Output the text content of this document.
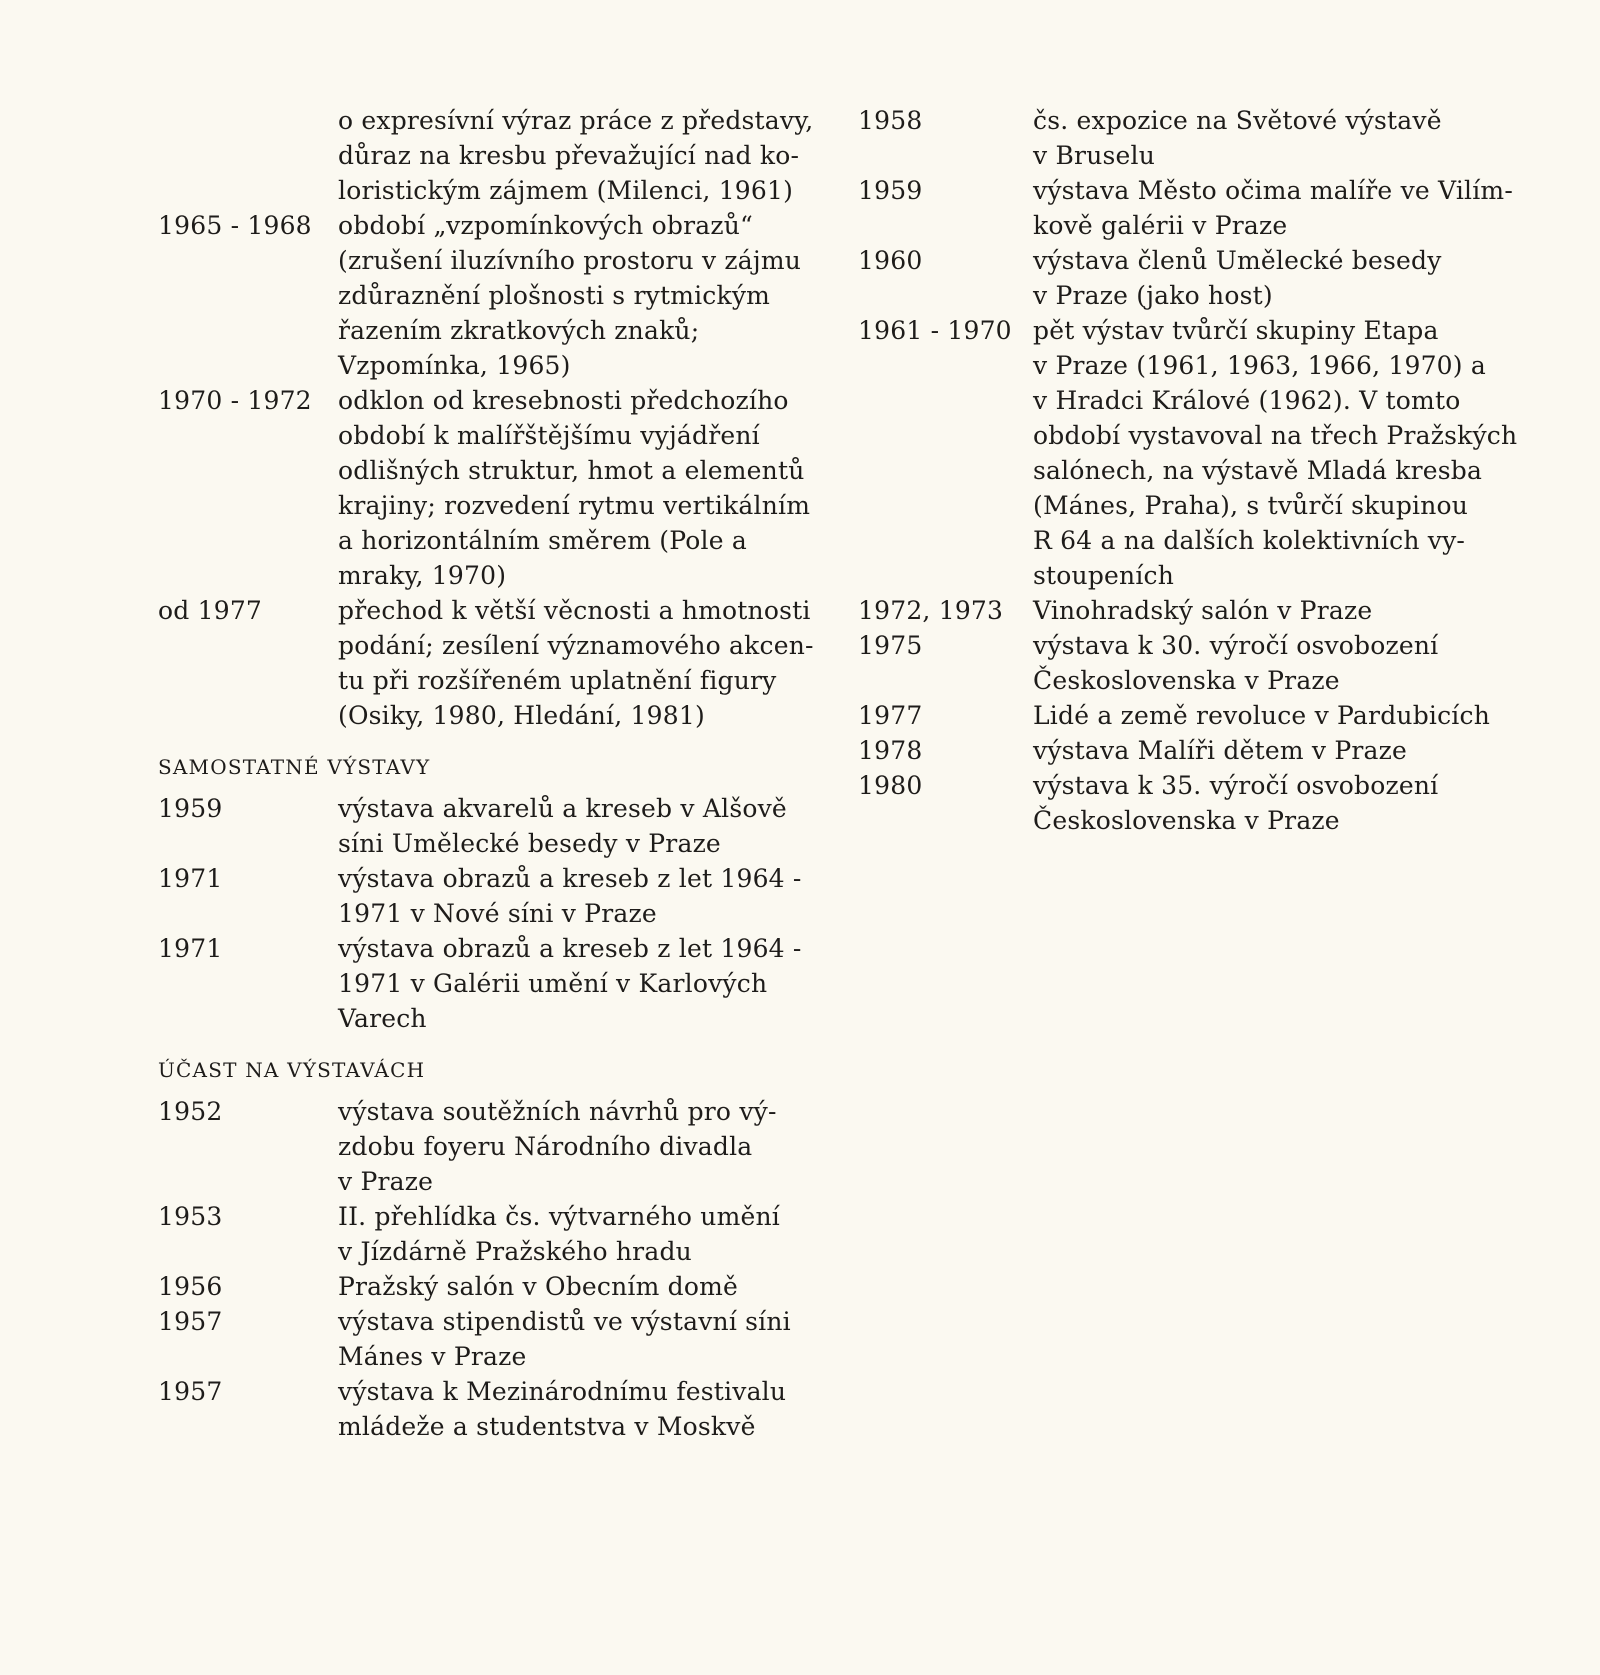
o expresívní výraz práce z představy,
důraz na kresbu převažující nad ko-
loristickým zájmem (Milenci, 1961)
1965 - 1968	období „vzpomínkových obrazů“
(zrušení iluzívního prostoru v zájmu
zdůraznění plošnosti s rytmickým
řazením zkratkových znaků;
Vzpomínka, 1965)
1970 - 1972	odklon od kresebnosti předchozího
období k malířštějšímu vyjádření
odlišných struktur, hmot a elementů
krajiny; rozvedení rytmu vertikálním
a horizontálním směrem (Pole a
mraky, 1970)
od 1977	přechod k větší věcnosti a hmotnosti
podání; zesílení významového akcen-
tu při rozšířeném uplatnění figury
(Osiky, 1980, Hledání, 1981)
SAMOSTATNÉ VÝSTAVY
1959	výstava akvarelů a kreseb v Alšově
síni Umělecké besedy v Praze
1971	výstava obrazů a kreseb z let 1964 -
1971 v Nové síni v Praze
1971	výstava obrazů a kreseb z let 1964 -
1971 v Galérii umění v Karlových
Varech
ÚČAST NA VÝSTAVÁCH
1952	výstava soutěžních návrhů pro vý-
zdobu foyeru Národního divadla
v Praze
1953	II. přehlídka čs. výtvarného umění
v Jízdárně Pražského hradu
1956	Pražský salón v Obecním domě
1957	výstava stipendistů ve výstavní síni
Mánes v Praze
1957	výstava k Mezinárodnímu festivalu
mládeže a studentstva v Moskvě
1958	čs. expozice na Světové výstavě
v Bruselu
1959	výstava Město očima malíře ve Vilím-
kově galérii v Praze
1960	výstava členů Umělecké besedy
v Praze (jako host)
1961 - 1970 pět výstav tvůrčí skupiny Etapa
v Praze (1961, 1963, 1966, 1970) a
v Hradci Králové (1962). V tomto
období vystavoval na třech Pražských
salónech, na výstavě Mladá kresba
(Mánes, Praha), s tvůrčí skupinou
R 64 a na dalších kolektivních vy-
stoupeních
1972, 1973	Vinohradský salón v Praze
1975	výstava k 30. výročí osvobození
Československa v Praze
1977	Lidé a země revoluce v Pardubicích
1978	výstava Malíři dětem v Praze
1980	výstava k 35. výročí osvobození
Československa v Praze
